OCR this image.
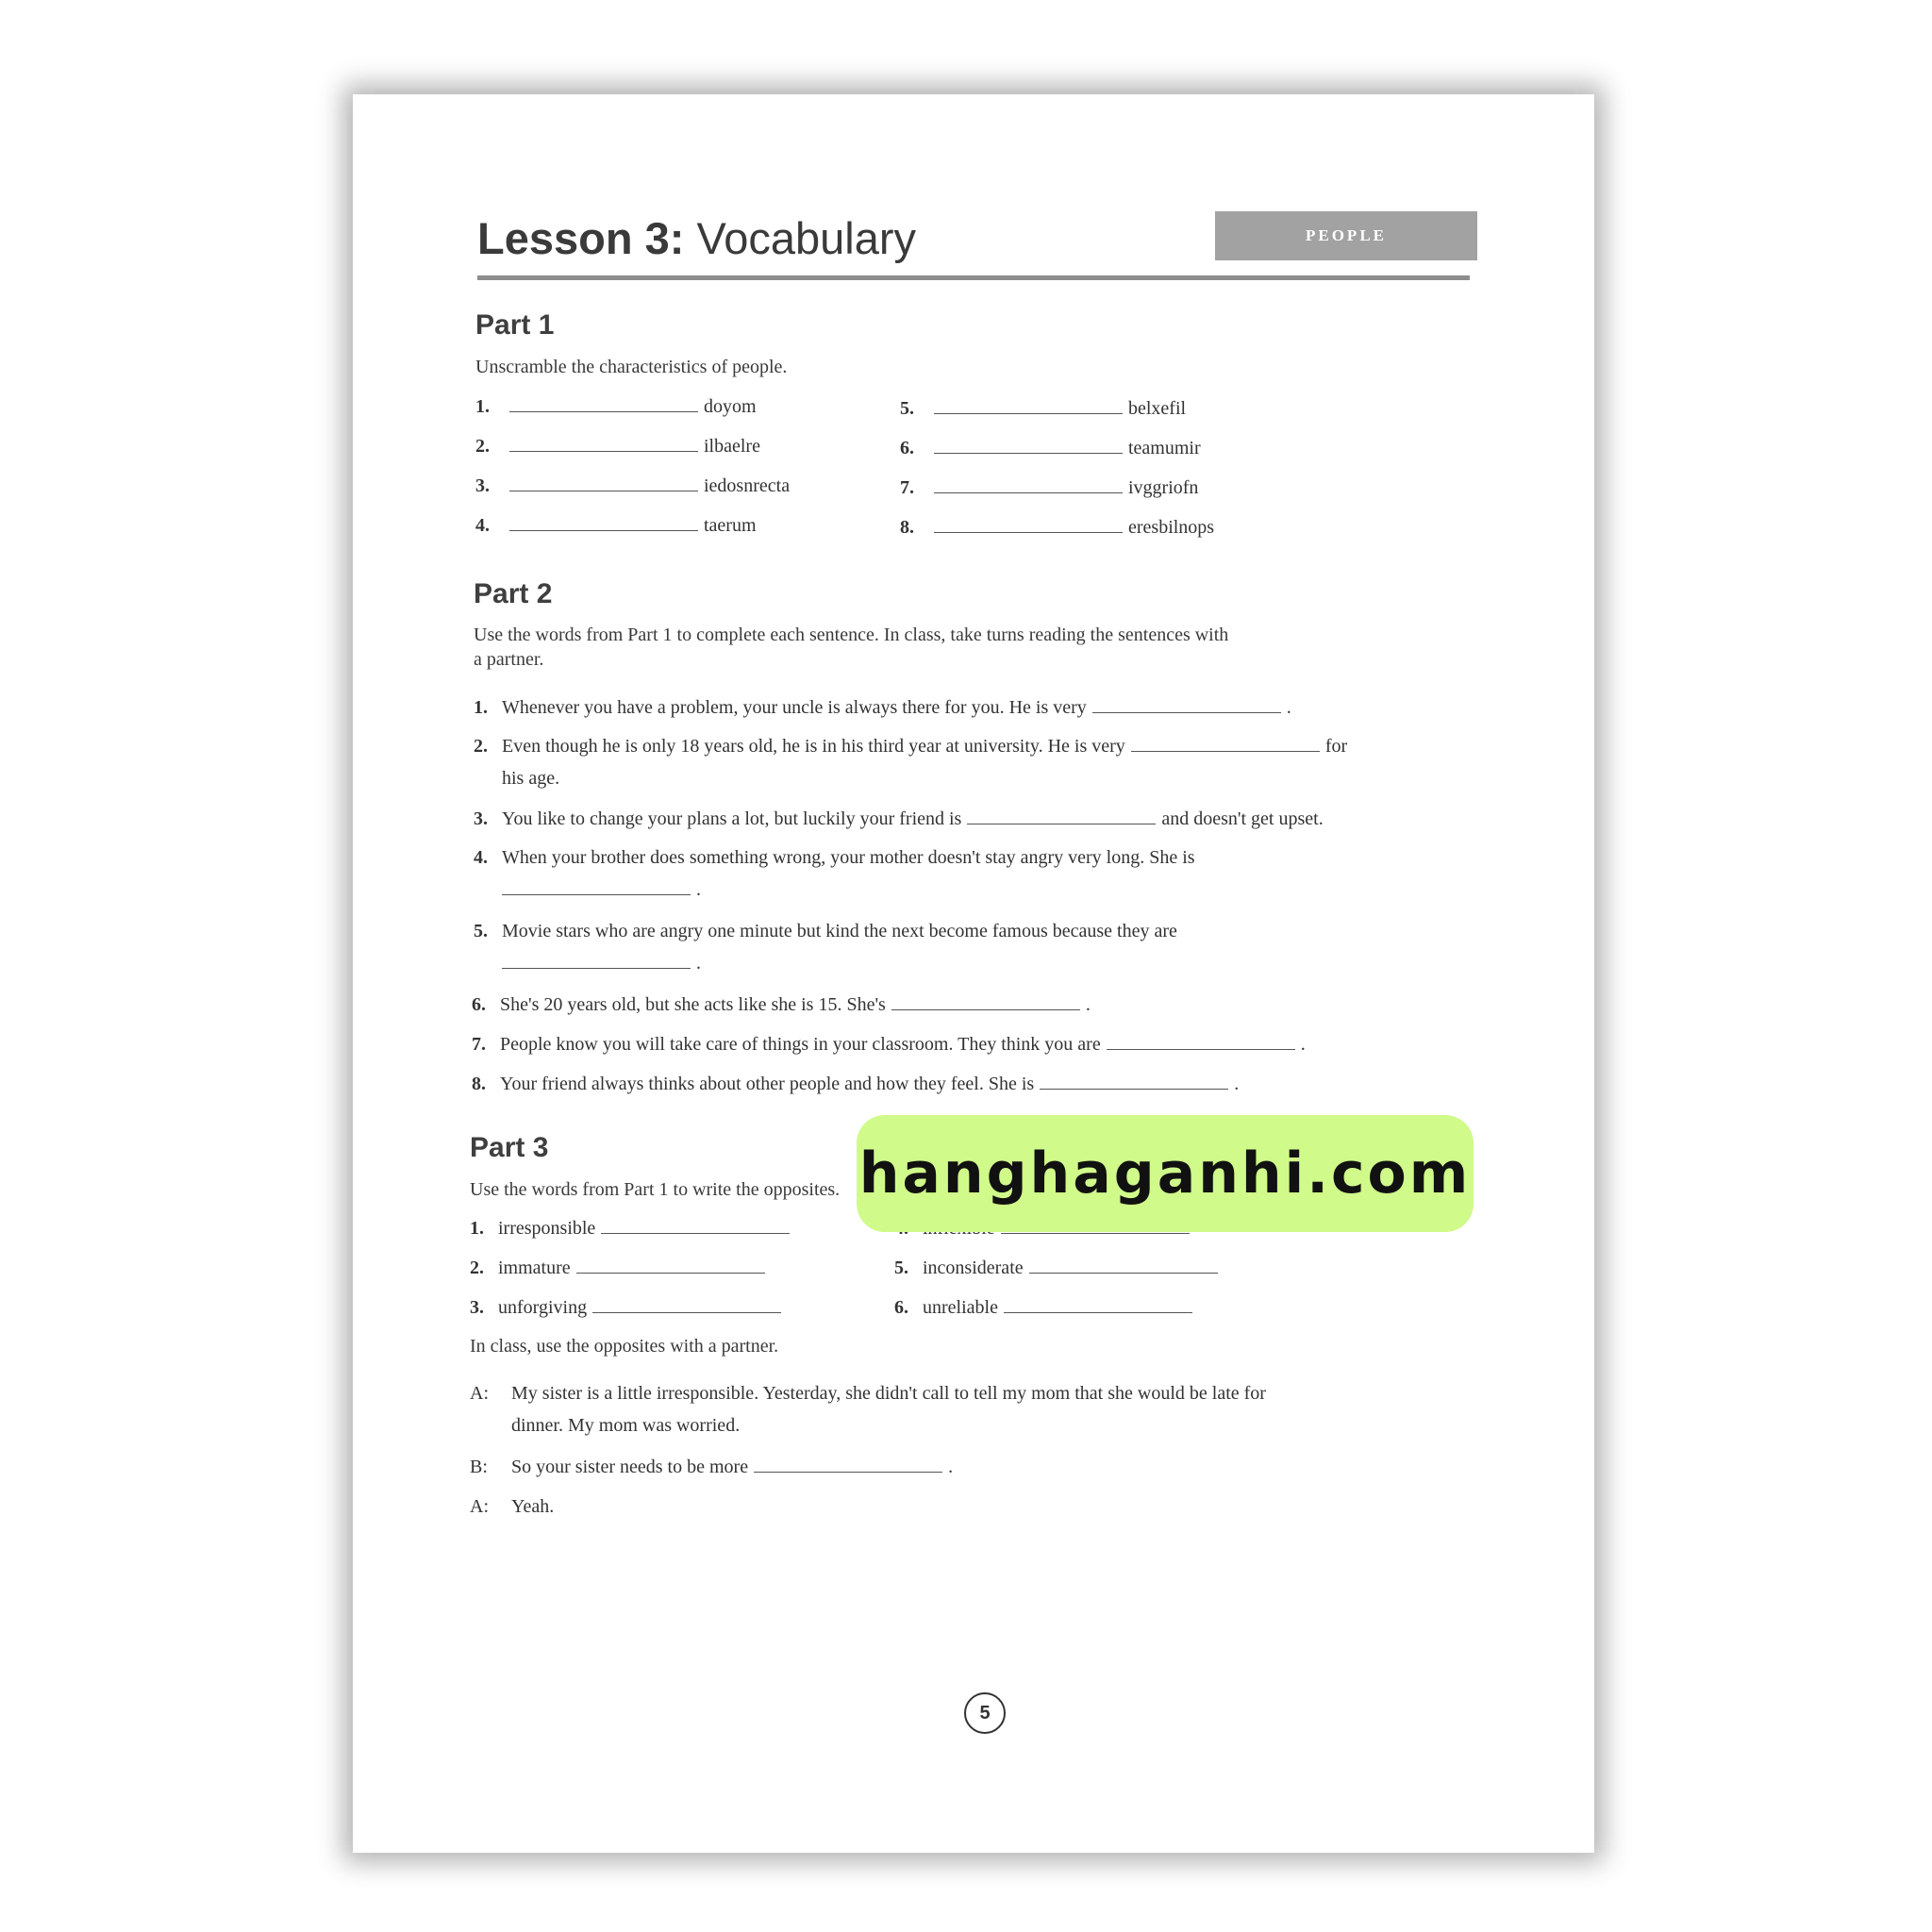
Lesson 3: Vocabulary	PEOPLE
Part 1
Unscramble the characteristics of people.
1.	doyom
2.	ilbaelre
3.	iedosnrecta
4.	taerum
5.	belxefil
6.	teamumir
7.	ivggriofn
8.	eresbilnops
Part 2
Use the words from Part 1 to complete each sentence. In class, take turns reading the sentences with
a partner.
1. Whenever you have a problem, your uncle is always there for you. He is very	.
2. Even though he is only 18 years old, he is in his third year at university. He is very	for
his age.
3. You like to change your plans a lot, but luckily your friend is	and doesn't get upset.
4. When your brother does something wrong, your mother doesn't stay angry very long. She is
.
5. Movie stars who are angry one minute but kind the next become famous because they are
.
6. She's 20 years old, but she acts like she is 15. She's	.
7. People know you will take care of things in your classroom. They think you are	.
8. Your friend always thinks about other people and how they feel. She is	.
Part 3
Use the words from Part 1 to write the opposites.
1. irresponsible
2. immature
3. unforgiving
5. inconsiderate
6. unreliable
In class, use the opposites with a partner.
A: My sister is a little irresponsible. Yesterday, she didn't call to tell my mom that she would be late for
dinner. My mom was worried.
B: So your sister needs to be more	.
A: Yeah.
5
hanghaganhi.com
